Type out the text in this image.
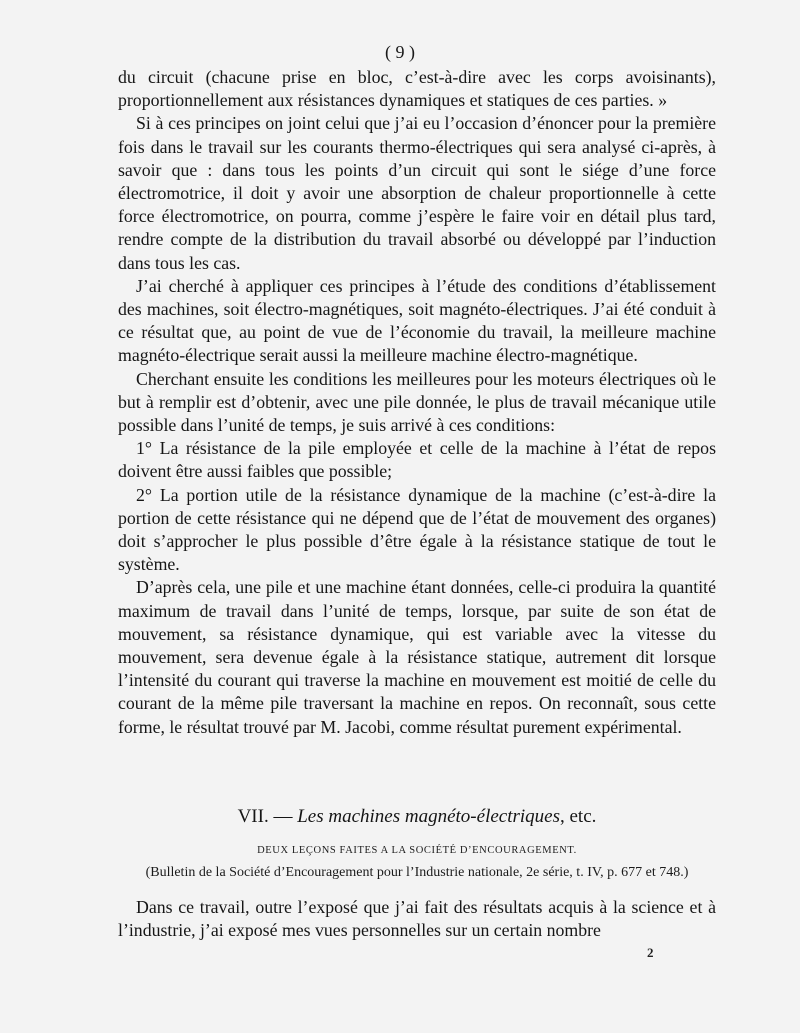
( 9 )

du circuit (chacune prise en bloc, c’est-à-dire avec les corps avoisinants), proportionnellement aux résistances dynamiques et statiques de ces parties. »

Si à ces principes on joint celui que j’ai eu l’occasion d’énoncer pour la première fois dans le travail sur les courants thermo-électriques qui sera analysé ci-après, à savoir que : dans tous les points d’un circuit qui sont le siége d’une force électromotrice, il doit y avoir une absorption de chaleur proportionnelle à cette force électromotrice, on pourra, comme j’espère le faire voir en détail plus tard, rendre compte de la distribution du travail absorbé ou développé par l’induction dans tous les cas.

J’ai cherché à appliquer ces principes à l’étude des conditions d’établissement des machines, soit électro-magnétiques, soit magnéto-électriques. J’ai été conduit à ce résultat que, au point de vue de l’économie du travail, la meilleure machine magnéto-électrique serait aussi la meilleure machine électro-magnétique.

Cherchant ensuite les conditions les meilleures pour les moteurs électriques où le but à remplir est d’obtenir, avec une pile donnée, le plus de travail mécanique utile possible dans l’unité de temps, je suis arrivé à ces conditions:

1° La résistance de la pile employée et celle de la machine à l’état de repos doivent être aussi faibles que possible;

2° La portion utile de la résistance dynamique de la machine (c’est-à-dire la portion de cette résistance qui ne dépend que de l’état de mouvement des organes) doit s’approcher le plus possible d’être égale à la résistance statique de tout le système.

D’après cela, une pile et une machine étant données, celle-ci produira la quantité maximum de travail dans l’unité de temps, lorsque, par suite de son état de mouvement, sa résistance dynamique, qui est variable avec la vitesse du mouvement, sera devenue égale à la résistance statique, autrement dit lorsque l’intensité du courant qui traverse la machine en mouvement est moitié de celle du courant de la même pile traversant la machine en repos. On reconnaît, sous cette forme, le résultat trouvé par M. Jacobi, comme résultat purement expérimental.

VII. — Les machines magnéto-électriques, etc.
DEUX LEÇONS FAITES A LA SOCIÉTÉ D’ENCOURAGEMENT.
(Bulletin de la Société d’Encouragement pour l’Industrie nationale, 2e série, t. IV, p. 677 et 748.)

Dans ce travail, outre l’exposé que j’ai fait des résultats acquis à la science et à l’industrie, j’ai exposé mes vues personnelles sur un certain nombre

2
